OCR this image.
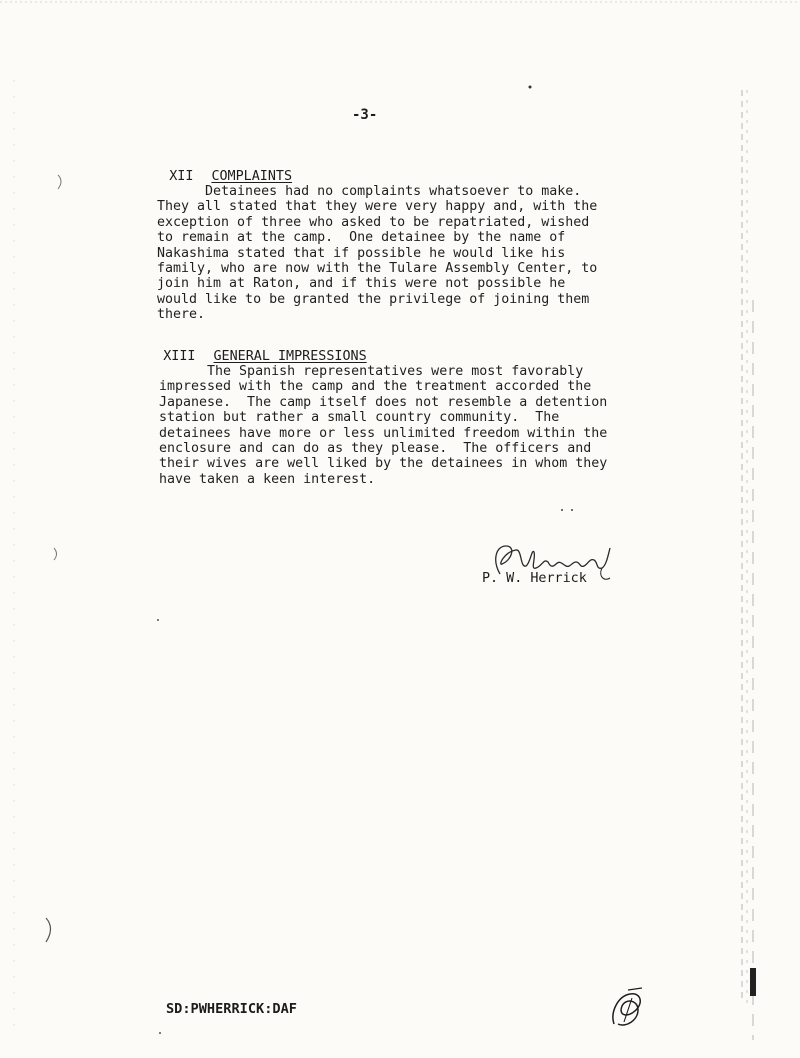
-3-

XII COMPLAINTS

Detainees had no complaints whatsoever to make.
They all stated that they were very happy and, with the
exception of three who asked to be repatriated, wished
to remain at the camp.  One detainee by the name of
Nakashima stated that if possible he would like his
family, who are now with the Tulare Assembly Center, to
join him at Raton, and if this were not possible he
would like to be granted the privilege of joining them
there.

XIII GENERAL IMPRESSIONS

The Spanish representatives were most favorably
impressed with the camp and the treatment accorded the
Japanese.  The camp itself does not resemble a detention
station but rather a small country community.  The
detainees have more or less unlimited freedom within the
enclosure and can do as they please.  The officers and
their wives are well liked by the detainees in whom they
have taken a keen interest.
P. W. Herrick
SD:PWHERRICK:DAF
